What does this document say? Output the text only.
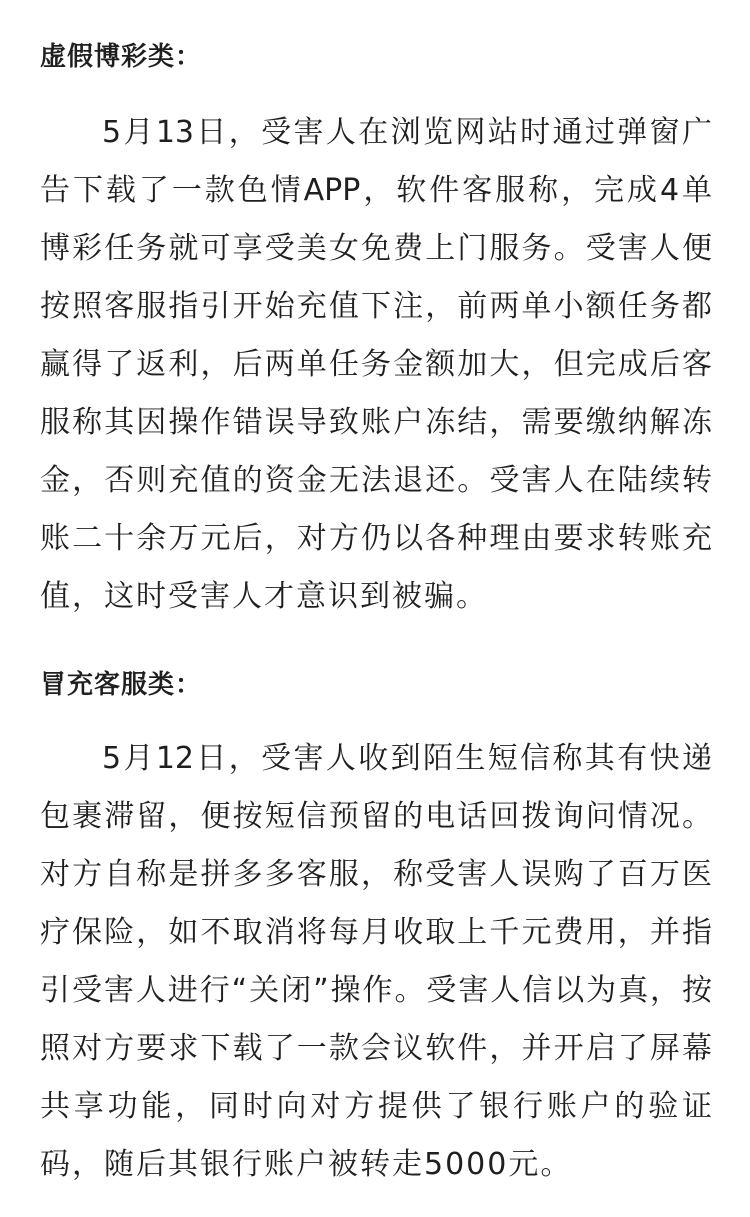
虚假博彩类：
5月13日，受害人在浏览网站时通过弹窗广
告下载了一款色情APP，软件客服称，完成4单
博彩任务就可享受美女免费上门服务。受害人便
按照客服指引开始充值下注，前两单小额任务都
赢得了返利，后两单任务金额加大，但完成后客
服称其因操作错误导致账户冻结，需要缴纳解冻
金，否则充值的资金无法退还。受害人在陆续转
账二十余万元后，对方仍以各种理由要求转账充
值，这时受害人才意识到被骗。
冒充客服类：
5月12日，受害人收到陌生短信称其有快递
包裹滞留，便按短信预留的电话回拨询问情况。
对方自称是拼多多客服，称受害人误购了百万医
疗保险，如不取消将每月收取上千元费用，并指
引受害人进行“关闭”操作。受害人信以为真，按
照对方要求下载了一款会议软件，并开启了屏幕
共享功能，同时向对方提供了银行账户的验证
码，随后其银行账户被转走5000元。
